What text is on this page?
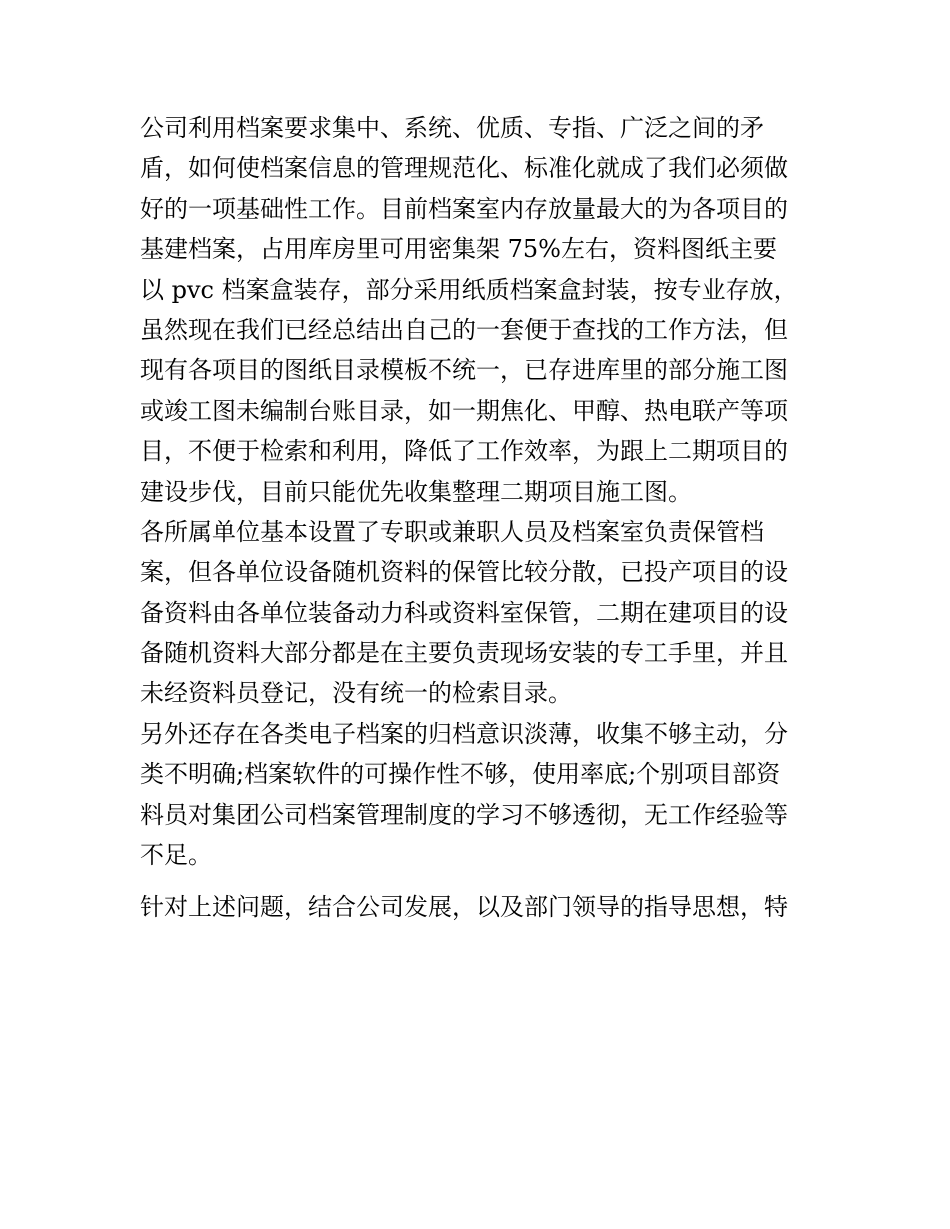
公司利用档案要求集中、系统、优质、专指、广泛之间的矛
盾，如何使档案信息的管理规范化、标准化就成了我们必须做
好的一项基础性工作。目前档案室内存放量最大的为各项目的
基建档案，占用库房里可用密集架 75%左右，资料图纸主要
以 pvc 档案盒装存，部分采用纸质档案盒封装，按专业存放，
虽然现在我们已经总结出自己的一套便于查找的工作方法，但
现有各项目的图纸目录模板不统一，已存进库里的部分施工图
或竣工图未编制台账目录，如一期焦化、甲醇、热电联产等项
目，不便于检索和利用，降低了工作效率，为跟上二期项目的
建设步伐，目前只能优先收集整理二期项目施工图。
各所属单位基本设置了专职或兼职人员及档案室负责保管档
案，但各单位设备随机资料的保管比较分散，已投产项目的设
备资料由各单位装备动力科或资料室保管，二期在建项目的设
备随机资料大部分都是在主要负责现场安装的专工手里，并且
未经资料员登记，没有统一的检索目录。
另外还存在各类电子档案的归档意识淡薄，收集不够主动，分
类不明确;档案软件的可操作性不够，使用率底;个别项目部资
料员对集团公司档案管理制度的学习不够透彻，无工作经验等
不足。
针对上述问题，结合公司发展，以及部门领导的指导思想，特
